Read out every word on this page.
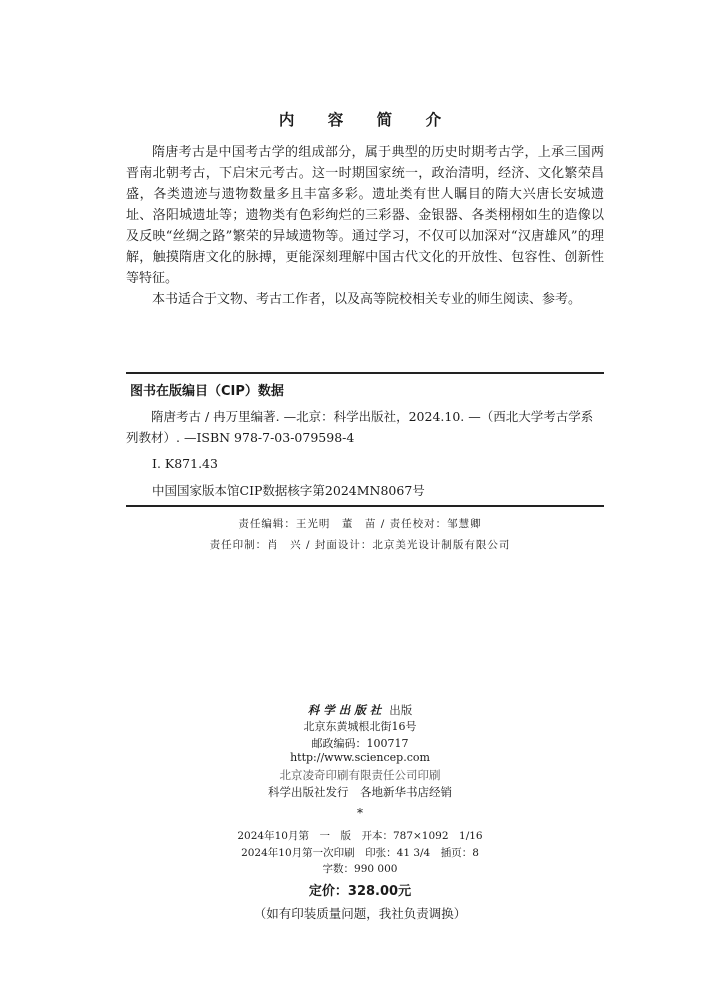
内 容 简 介

隋唐考古是中国考古学的组成部分，属于典型的历史时期考古学，上承三国两晋南北朝考古，下启宋元考古。这一时期国家统一，政治清明，经济、文化繁荣昌盛，各类遗迹与遗物数量多且丰富多彩。遗址类有世人瞩目的隋大兴唐长安城遗址、洛阳城遗址等；遗物类有色彩绚烂的三彩器、金银器、各类栩栩如生的造像以及反映“丝绸之路”繁荣的异域遗物等。通过学习，不仅可以加深对“汉唐雄风”的理解，触摸隋唐文化的脉搏，更能深刻理解中国古代文化的开放性、包容性、创新性等特征。

本书适合于文物、考古工作者，以及高等院校相关专业的师生阅读、参考。

图书在版编目（CIP）数据

隋唐考古 / 冉万里编著. —北京：科学出版社，2024.10. —（西北大学考古学系列教材）. —ISBN 978-7-03-079598-4

Ⅰ. K871.43
中国国家版本馆CIP数据核字第2024MN8067号
责任编辑：王光明　董　苗 / 责任校对：邹慧卿
责任印制：肖　兴 / 封面设计：北京美光设计制版有限公司
科学出版社 出版
北京东黄城根北街16号
邮政编码：100717
http://www.sciencep.com
北京凌奇印刷有限责任公司印刷
科学出版社发行　各地新华书店经销
*
2024年10月第　一　版　开本：787×1092　1/16
2024年10月第一次印刷　印张：41 3/4　插页：8
字数：990 000
定价：328.00元
（如有印装质量问题，我社负责调换）
